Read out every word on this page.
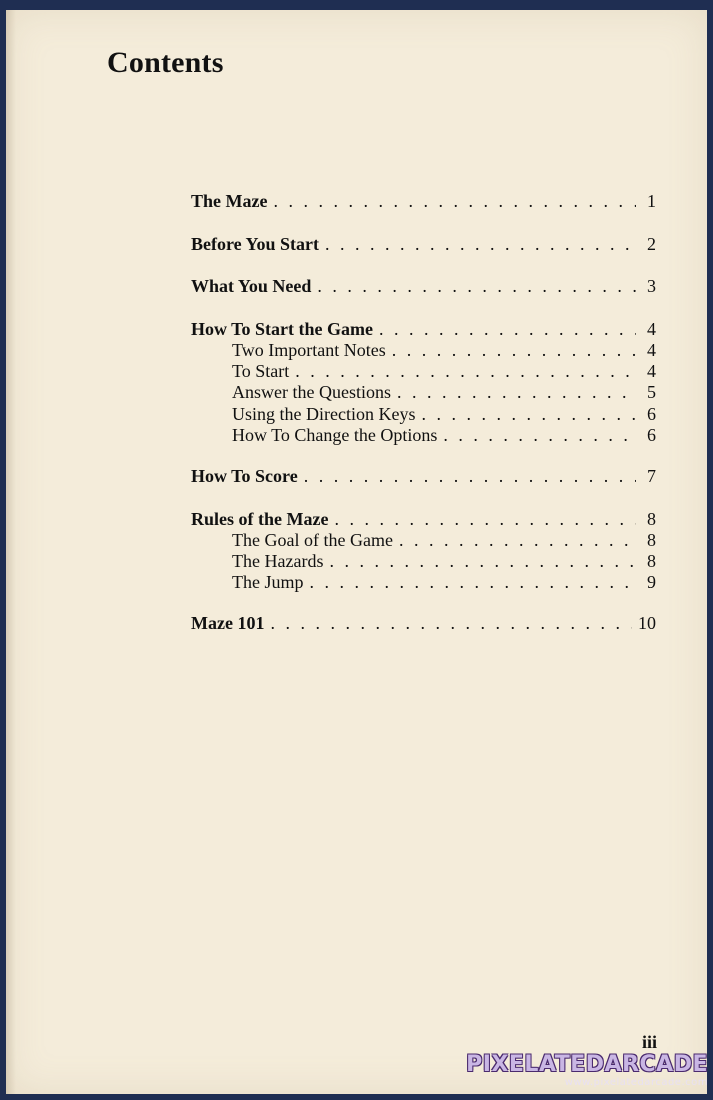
Contents
The Maze . . .	1
Before You Start . . .	2
What You Need . . .	3
How To Start the Game . . .	4
Two Important Notes . . .	4
To Start . . .	4
Answer the Questions . . .	5
Using the Direction Keys . . .	6
How To Change the Options . . .	6
How To Score . . .	7
Rules of the Maze . . .	8
The Goal of the Game . . .	8
The Hazards . . .	8
The Jump . . .	9
Maze 101 . . .	10
iii
PIXELATEDARCADE
www.pixelatedarcade.com
